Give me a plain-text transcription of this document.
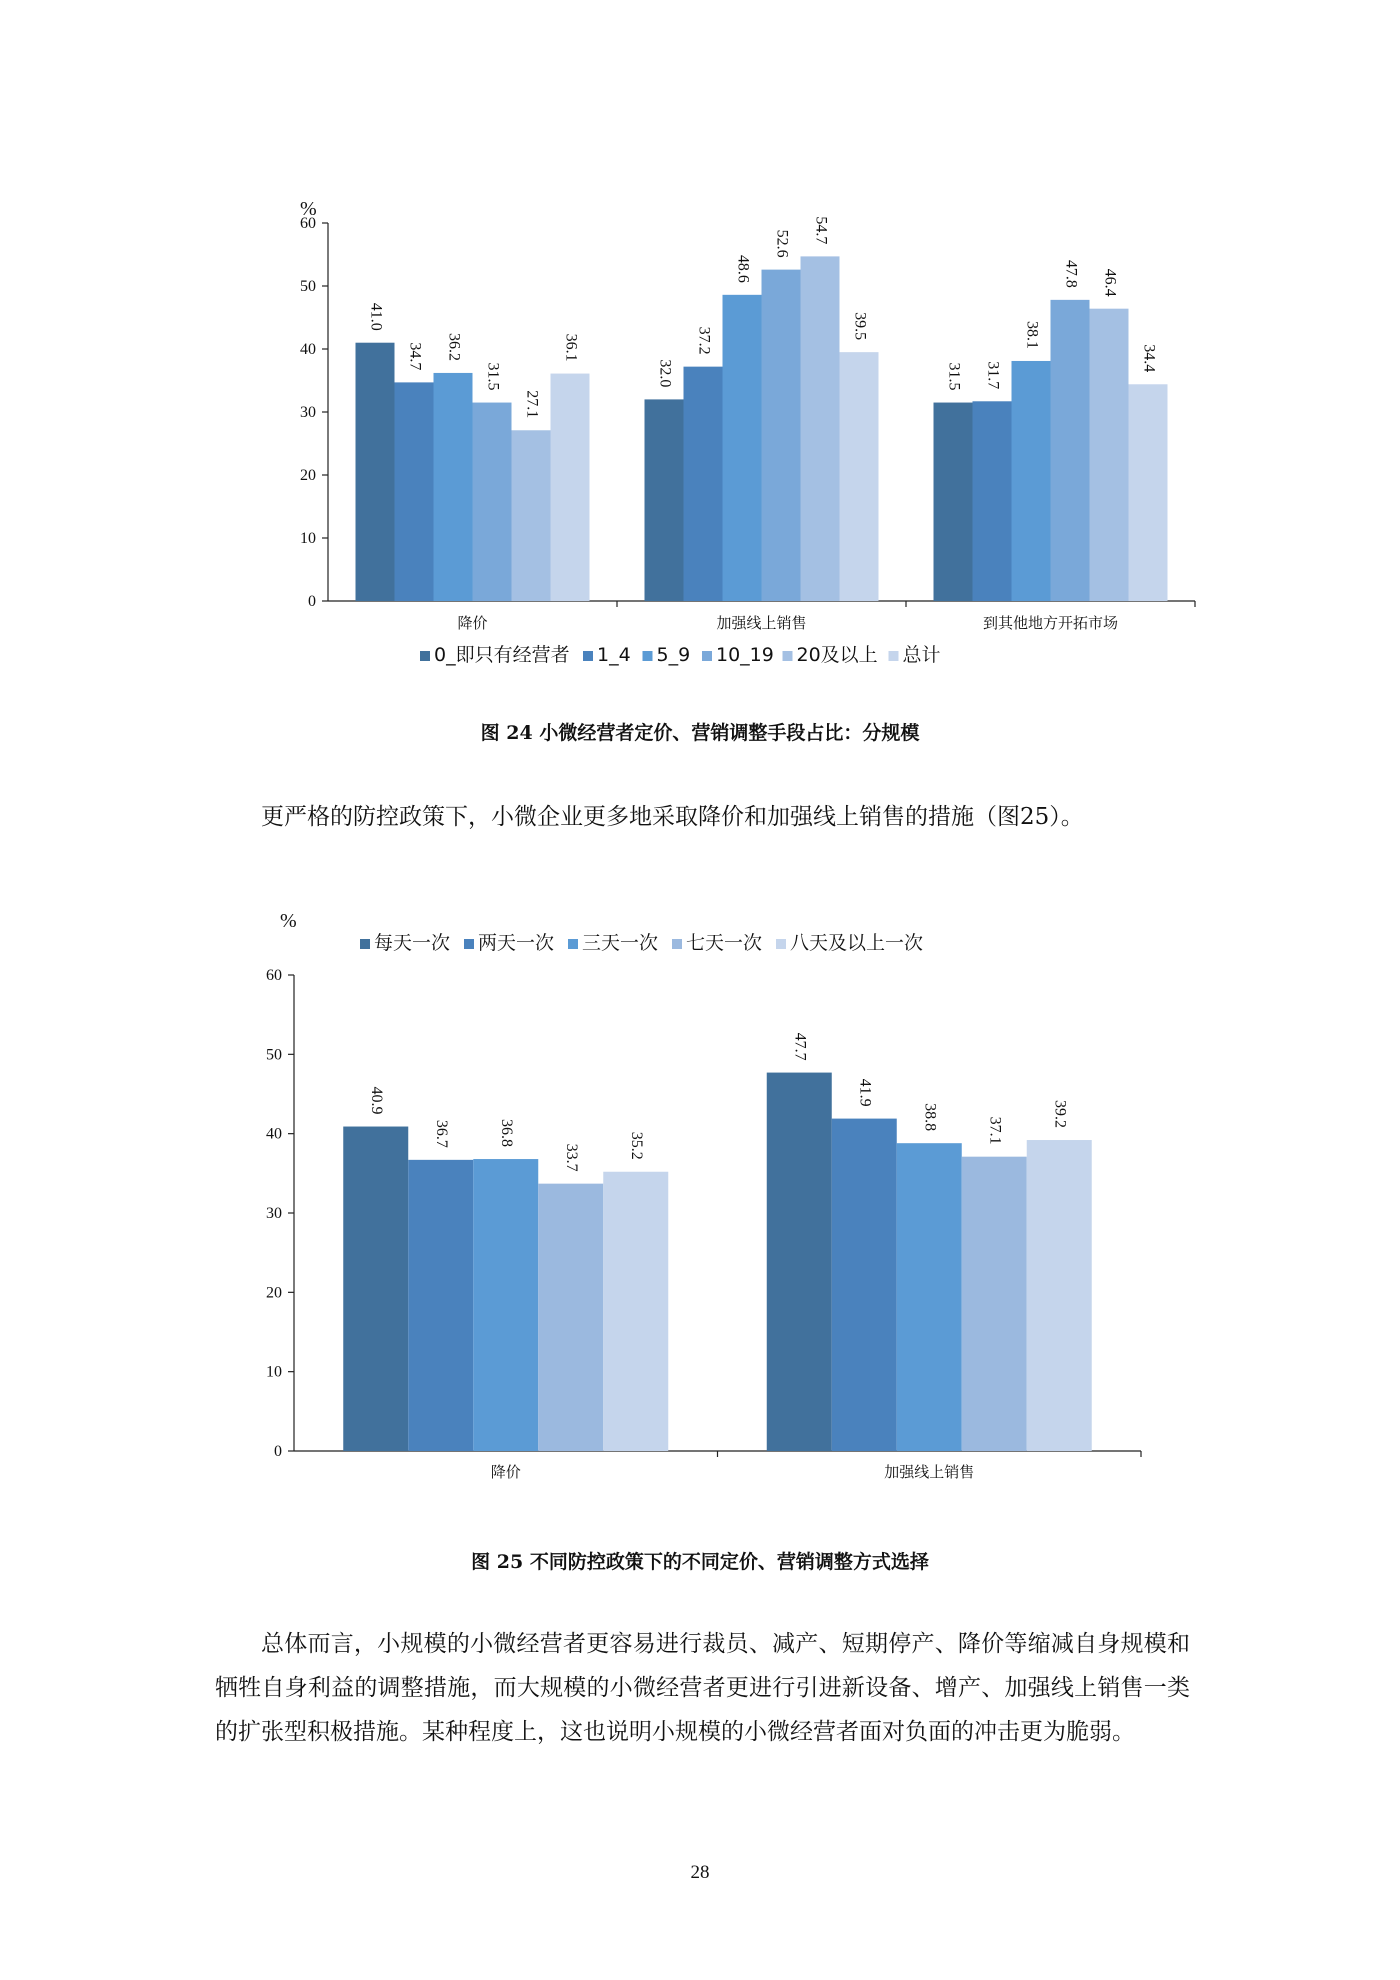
%
0
10
20
30
40
50
60
降价	加强线上销售	到其他地方开拓市场
41.0
34.7 36.2
31.5
27.1
36.1
32.0
37.2
48.6
52.6 54.7
39.5
31.5 31.7
38.1
47.8 46.4
34.4
0_即只有经营者 1_4 5_9 10_19 20及以上 总计

图 24 小微经营者定价、营销调整手段占比：分规模

更严格的防控政策下，小微企业更多地采取降价和加强线上销售的措施（图25）。

%
0
10
20
30
40
50
60
降价	加强线上销售
40.9
36.7	36.8
33.7	35.2
47.7
41.9
38.8	37.1
39.2
每天一次 两天一次 三天一次 七天一次 八天及以上一次

图 25 不同防控政策下的不同定价、营销调整方式选择

总体而言，小规模的小微经营者更容易进行裁员、减产、短期停产、降价等缩减自身规模和牺牲自身利益的调整措施，而大规模的小微经营者更进行引进新设备、增产、加强线上销售一类的扩张型积极措施。某种程度上，这也说明小规模的小微经营者面对负面的冲击更为脆弱。

28
